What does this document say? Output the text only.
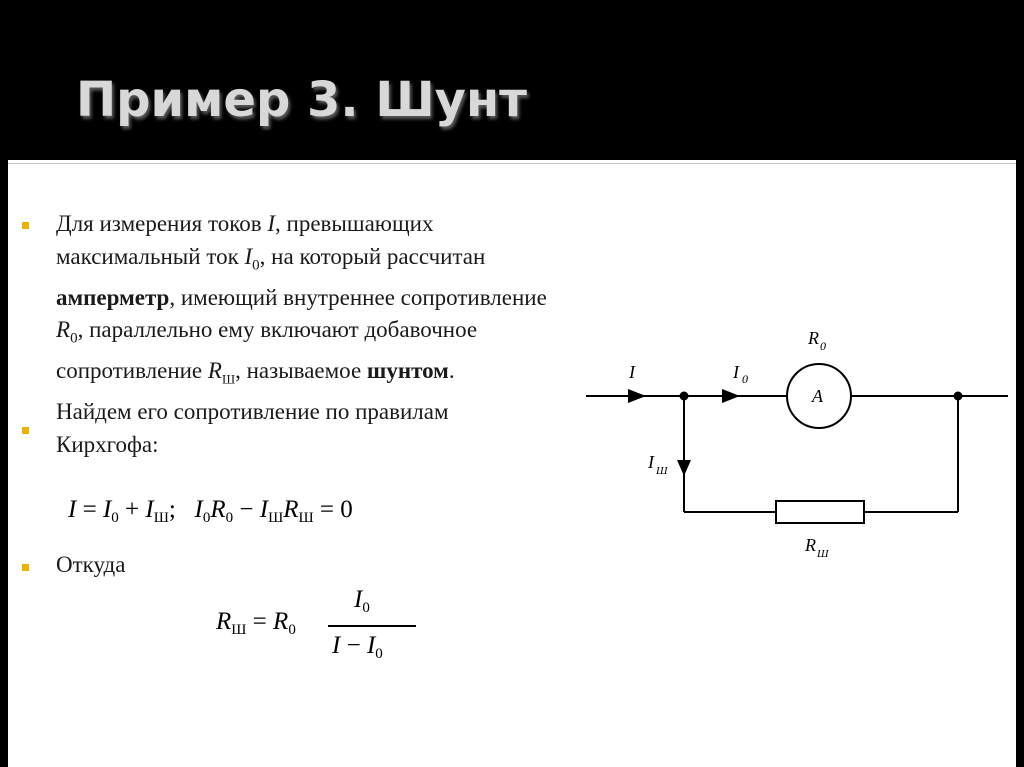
Пример 3. Шунт

Для измерения токов I, превышающих максимальный ток $I_0$, на который рассчитан амперметр, имеющий внутреннее сопротивление $R_0$, параллельно ему включают добавочное сопротивление $R_Ш$, называемое шунтом.

Найдем его сопротивление по правилам Кирхгофа:

$I = I_0 + I_Ш$;   $I_0R_0 - I_ШR_Ш = 0$
Откуда
$R_Ш = R_0$
$I_0$
$I - I_0$
I	I 0
R 0
A
I Ш
R Ш
